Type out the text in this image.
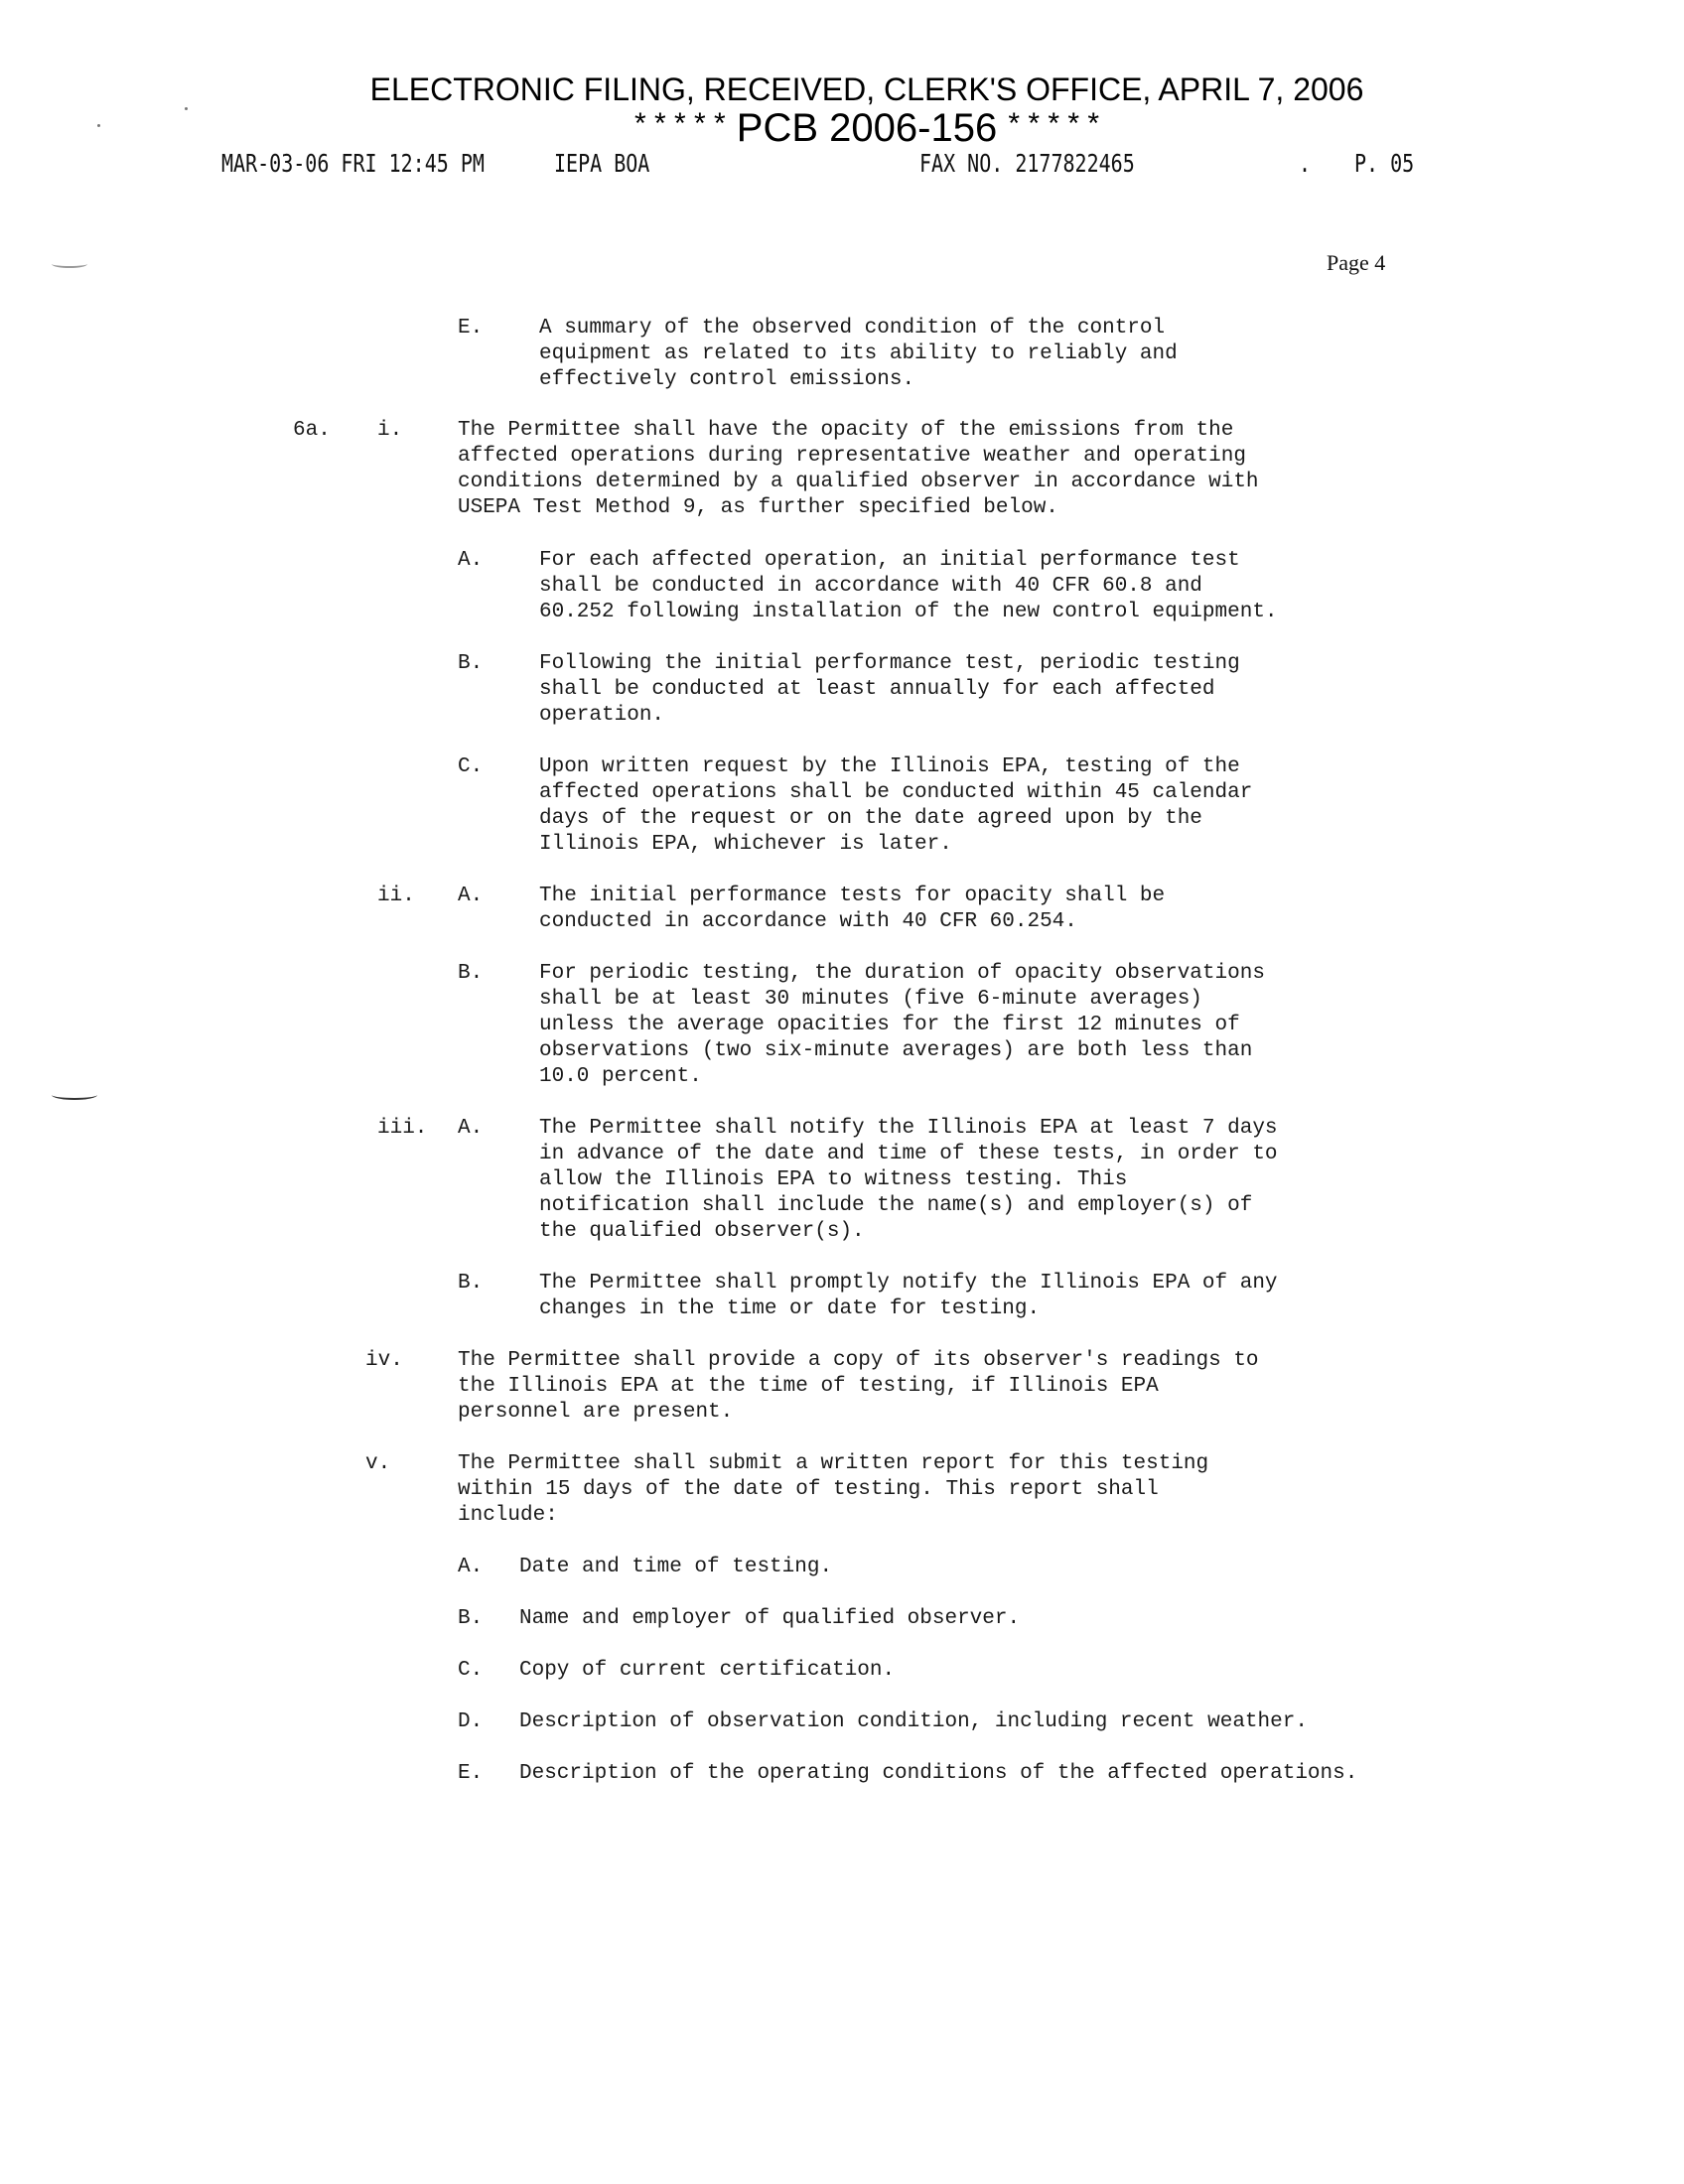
ELECTRONIC FILING, RECEIVED, CLERK'S OFFICE, APRIL 7, 2006
* * * * * PCB 2006-156 * * * * *
MAR-03-06 FRI 12:45 PM	IEPA BOA	FAX NO. 2177822465	. P. 05
Page 4
E.	A summary of the observed condition of the control
equipment as related to its ability to reliably and
effectively control emissions.
6a. i.	The Permittee shall have the opacity of the emissions from the
affected operations during representative weather and operating
conditions determined by a qualified observer in accordance with
USEPA Test Method 9, as further specified below.
A.	For each affected operation, an initial performance test
shall be conducted in accordance with 40 CFR 60.8 and
60.252 following installation of the new control equipment.
B.	Following the initial performance test, periodic testing
shall be conducted at least annually for each affected
operation.
C.	Upon written request by the Illinois EPA, testing of the
affected operations shall be conducted within 45 calendar
days of the request or on the date agreed upon by the
Illinois EPA, whichever is later.
ii. A.	The initial performance tests for opacity shall be
conducted in accordance with 40 CFR 60.254.
B.	For periodic testing, the duration of opacity observations
shall be at least 30 minutes (five 6-minute averages)
unless the average opacities for the first 12 minutes of
observations (two six-minute averages) are both less than
10.0 percent.
iii. A.	The Permittee shall notify the Illinois EPA at least 7 days
in advance of the date and time of these tests, in order to
allow the Illinois EPA to witness testing. This
notification shall include the name(s) and employer(s) of
the qualified observer(s).
B.	The Permittee shall promptly notify the Illinois EPA of any
changes in the time or date for testing.
iv.	The Permittee shall provide a copy of its observer's readings to
the Illinois EPA at the time of testing, if Illinois EPA
personnel are present.
v.	The Permittee shall submit a written report for this testing
within 15 days of the date of testing. This report shall
include:
A. Date and time of testing.
B. Name and employer of qualified observer.
C. Copy of current certification.
D. Description of observation condition, including recent weather.
E. Description of the operating conditions of the affected operations.
